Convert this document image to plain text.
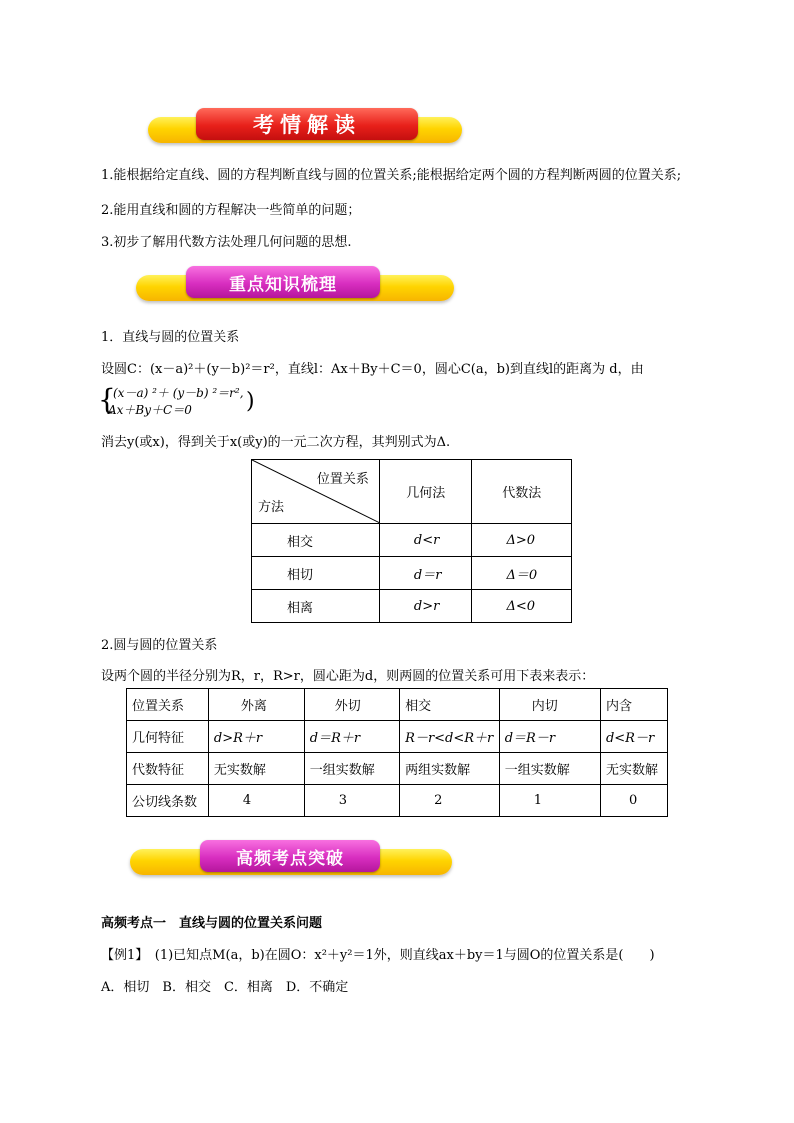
考情解读
1.能根据给定直线、圆的方程判断直线与圆的位置关系;能根据给定两个圆的方程判断两圆的位置关系;
2.能用直线和圆的方程解决一些简单的问题；
3.初步了解用代数方法处理几何问题的思想.
重点知识梳理
1．直线与圆的位置关系
设圆C：(x－a)²＋(y－b)²＝r²，直线l：Ax＋By＋C＝0，圆心C(a，b)到直线l的距离为 d，由
{
(x－a) ²＋ (y－b) ²＝r²,
Ax＋By＋C＝0 )
消去y(或x)，得到关于x(或y)的一元二次方程，其判别式为Δ.
位置关系
方法	几何法	代数法
相交	d<r	Δ>0
相切	d＝r	Δ＝0
相离	d>r	Δ<0
2.圆与圆的位置关系
设两个圆的半径分别为R，r，R>r，圆心距为d，则两圆的位置关系可用下表来表示：
位置关系	外离	外切	相交	内切	内含
几何特征	d>R＋r	d＝R＋r	R－r<d<R＋r	d＝R－r	d<R－r
代数特征	无实数解	一组实数解	两组实数解	一组实数解	无实数解
公切线条数	4	3	2	1	0
高频考点突破
高频考点一　直线与圆的位置关系问题
【例1】　(1)已知点M(a，b)在圆O：x²＋y²＝1外，则直线ax＋by＝1与圆O的位置关系是(　　)
A．相切　B．相交　C．相离　D．不确定
